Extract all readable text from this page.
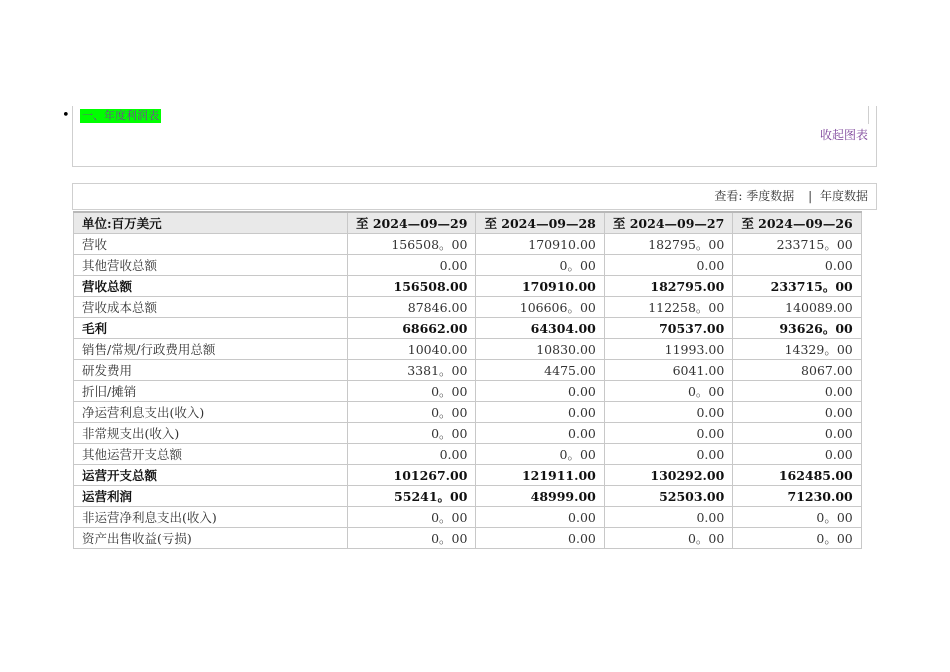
• 一、年度利润表
收起图表
查看: 季度数据 | 年度数据
单位:百万美元	至 2024—09—29	至 2024—09—28	至 2024—09—27	至 2024—09—26
营收	156508。00	170910.00	182795。00	233715。00
其他营收总额	0.00	0。00	0.00	0.00
营收总额	156508.00	170910.00	182795.00	233715。00
营收成本总额	87846.00	106606。00	112258。00	140089.00
毛利	68662.00	64304.00	70537.00	93626。00
销售/常规/行政费用总额	10040.00	10830.00	11993.00	14329。00
研发费用	3381。00	4475.00	6041.00	8067.00
折旧/摊销	0。00	0.00	0。00	0.00
净运营利息支出(收入)	0。00	0.00	0.00	0.00
非常规支出(收入)	0。00	0.00	0.00	0.00
其他运营开支总额	0.00	0。00	0.00	0.00
运营开支总额	101267.00	121911.00	130292.00	162485.00
运营利润	55241。00	48999.00	52503.00	71230.00
非运营净利息支出(收入)	0。00	0.00	0.00	0。00
资产出售收益(亏损)	0。00	0.00	0。00	0。00
